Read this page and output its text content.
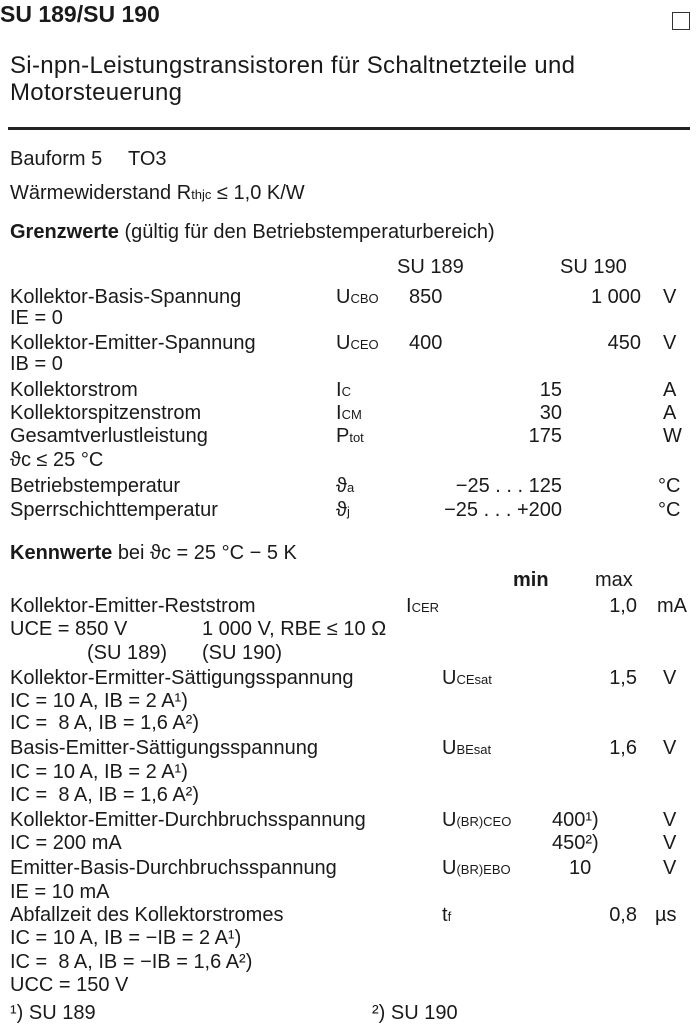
SU 189/SU 190
Si-npn-Leistungstransistoren für Schaltnetzteile und
Motorsteuerung
Bauform 5 TO3
Wärmewiderstand Rthjc ≤ 1,0 K/W
Grenzwerte (gültig für den Betriebstemperaturbereich)
SU 189	SU 190
Kollektor-Basis-Spannung	UCBO 850	1 000 V
IE = 0
Kollektor-Emitter-Spannung	UCEO 400	450 V
IB = 0
Kollektorstrom	IC	15	A
Kollektorspitzenstrom	ICM	30	A
Gesamtverlustleistung	Ptot	175	W
ϑc ≤ 25 °C
Betriebstemperatur	ϑa	−25 . . . 125	°C
Sperrschichttemperatur	ϑj	−25 . . . +200	°C
Kennwerte bei ϑc = 25 °C − 5 K
min max
Kollektor-Emitter-Reststrom	ICER	1,0 mA
UCE = 850 V	1 000 V, RBE ≤ 10 Ω
(SU 189) (SU 190)
Kollektor-Ermitter-Sättigungsspannung	UCEsat	1,5 V
IC = 10 A, IB = 2 A¹)
IC =  8 A, IB = 1,6 A²)
Basis-Emitter-Sättigungsspannung	UBEsat	1,6 V
IC = 10 A, IB = 2 A¹)
IC =  8 A, IB = 1,6 A²)
Kollektor-Emitter-Durchbruchsspannung	U(BR)CEO 400¹)	V
IC = 200 mA	450²)	V
Emitter-Basis-Durchbruchsspannung	U(BR)EBO	10	V
IE = 10 mA
Abfallzeit des Kollektorstromes	tf	0,8 µs
IC = 10 A, IB = −IB = 2 A¹)
IC =  8 A, IB = −IB = 1,6 A²)
UCC = 150 V
¹) SU 189	²) SU 190
